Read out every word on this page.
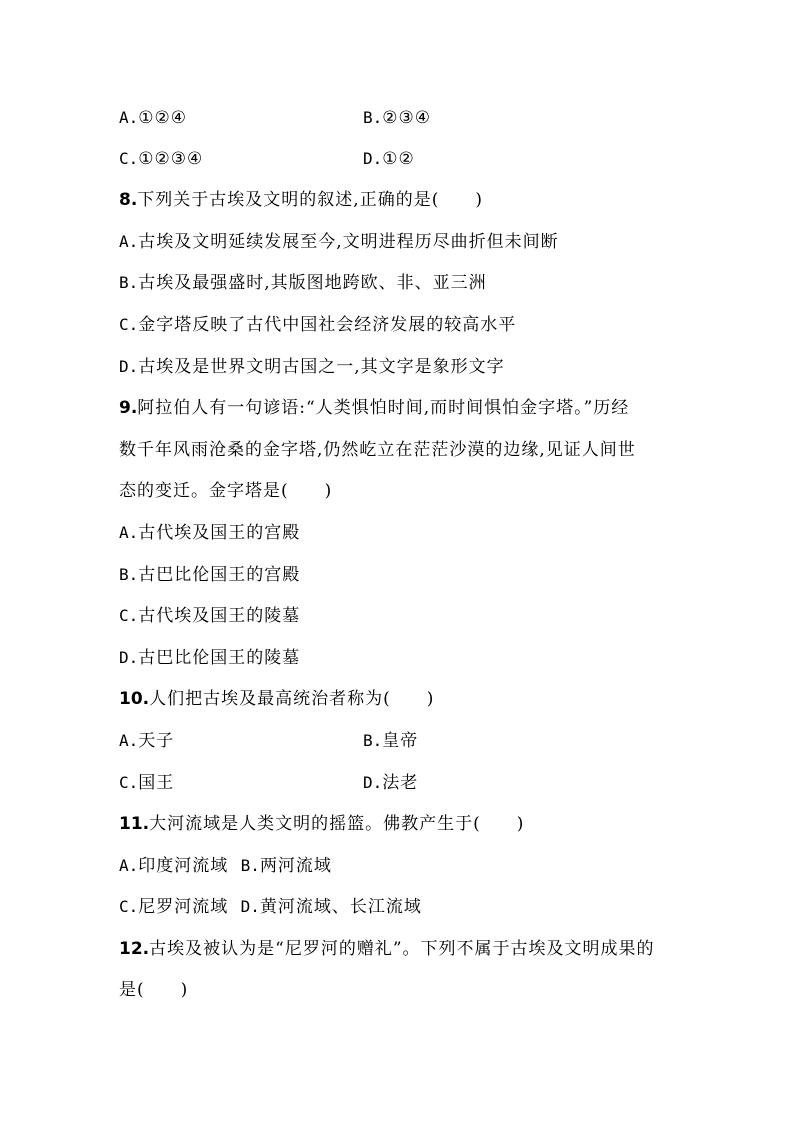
A.①②④	B.②③④
C.①②③④	D.①②
8.下列关于古埃及文明的叙述,正确的是(　　)
A.古埃及文明延续发展至今,文明进程历尽曲折但未间断
B.古埃及最强盛时,其版图地跨欧、非、亚三洲
C.金字塔反映了古代中国社会经济发展的较高水平
D.古埃及是世界文明古国之一,其文字是象形文字
9.阿拉伯人有一句谚语:“人类惧怕时间,而时间惧怕金字塔。”历经
数千年风雨沧桑的金字塔,仍然屹立在茫茫沙漠的边缘,见证人间世
态的变迁。金字塔是(　　)
A.古代埃及国王的宫殿
B.古巴比伦国王的宫殿
C.古代埃及国王的陵墓
D.古巴比伦国王的陵墓
10.人们把古埃及最高统治者称为(　　)
A.天子	B.皇帝
C.国王	D.法老
11.大河流域是人类文明的摇篮。佛教产生于(　　)
A.印度河流域 B.两河流域
C.尼罗河流域 D.黄河流域、长江流域
12.古埃及被认为是“尼罗河的赠礼”。下列不属于古埃及文明成果的
是(　　)
